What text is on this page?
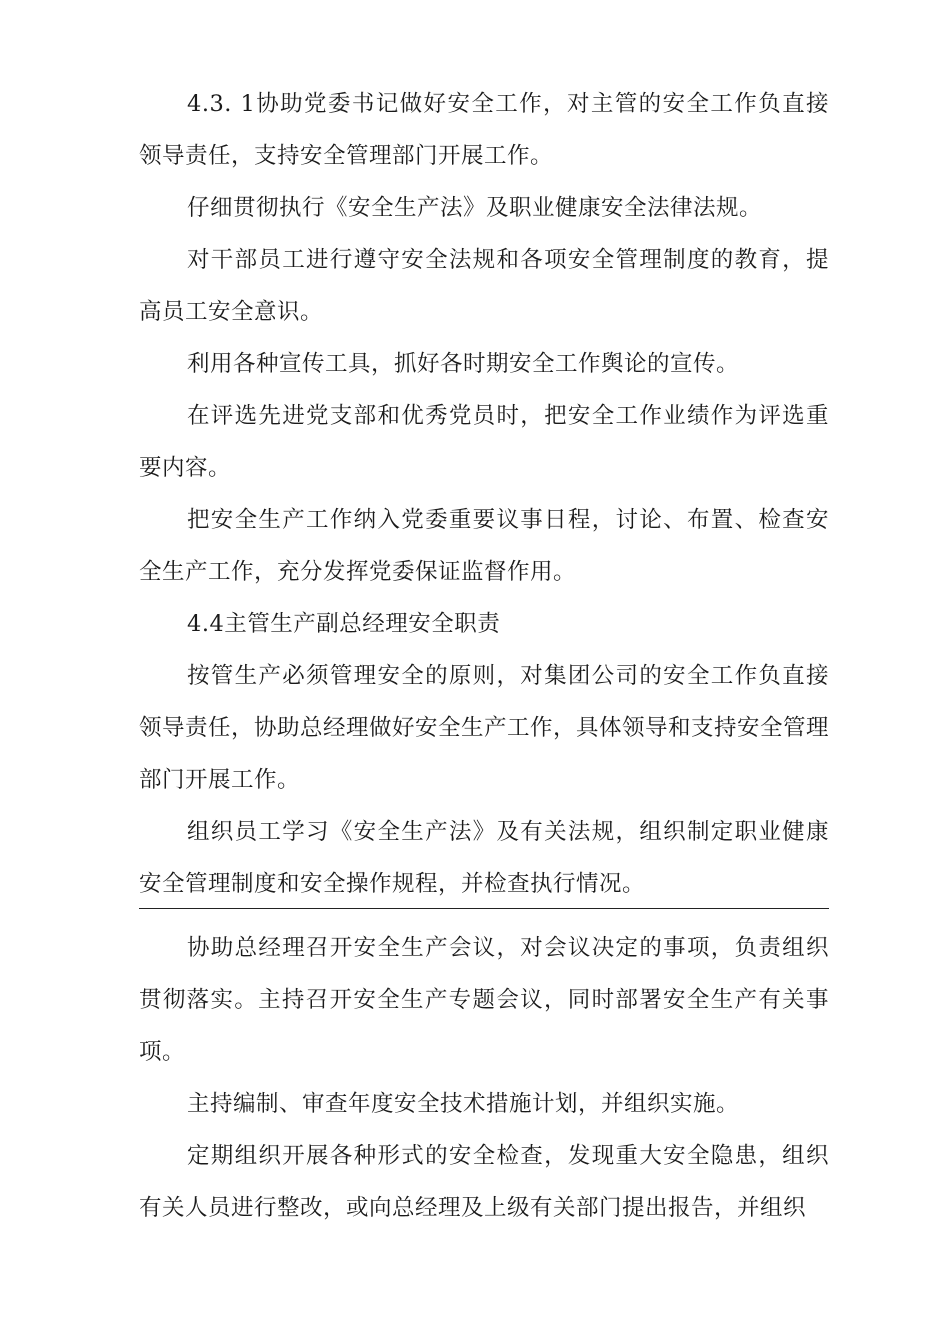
4.3. 1协助党委书记做好安全工作，对主管的安全工作负直接领导责任，支持安全管理部门开展工作。

仔细贯彻执行《安全生产法》及职业健康安全法律法规。

对干部员工进行遵守安全法规和各项安全管理制度的教育，提高员工安全意识。

利用各种宣传工具，抓好各时期安全工作舆论的宣传。

在评选先进党支部和优秀党员时，把安全工作业绩作为评选重要内容。

把安全生产工作纳入党委重要议事日程，讨论、布置、检查安全生产工作，充分发挥党委保证监督作用。

4.4主管生产副总经理安全职责

按管生产必须管理安全的原则，对集团公司的安全工作负直接领导责任，协助总经理做好安全生产工作，具体领导和支持安全管理部门开展工作。

组织员工学习《安全生产法》及有关法规，组织制定职业健康安全管理制度和安全操作规程，并检查执行情况。

协助总经理召开安全生产会议，对会议决定的事项，负责组织贯彻落实。主持召开安全生产专题会议，同时部署安全生产有关事项。

主持编制、审查年度安全技术措施计划，并组织实施。

定期组织开展各种形式的安全检查，发现重大安全隐患，组织有关人员进行整改，或向总经理及上级有关部门提出报告，并组织
